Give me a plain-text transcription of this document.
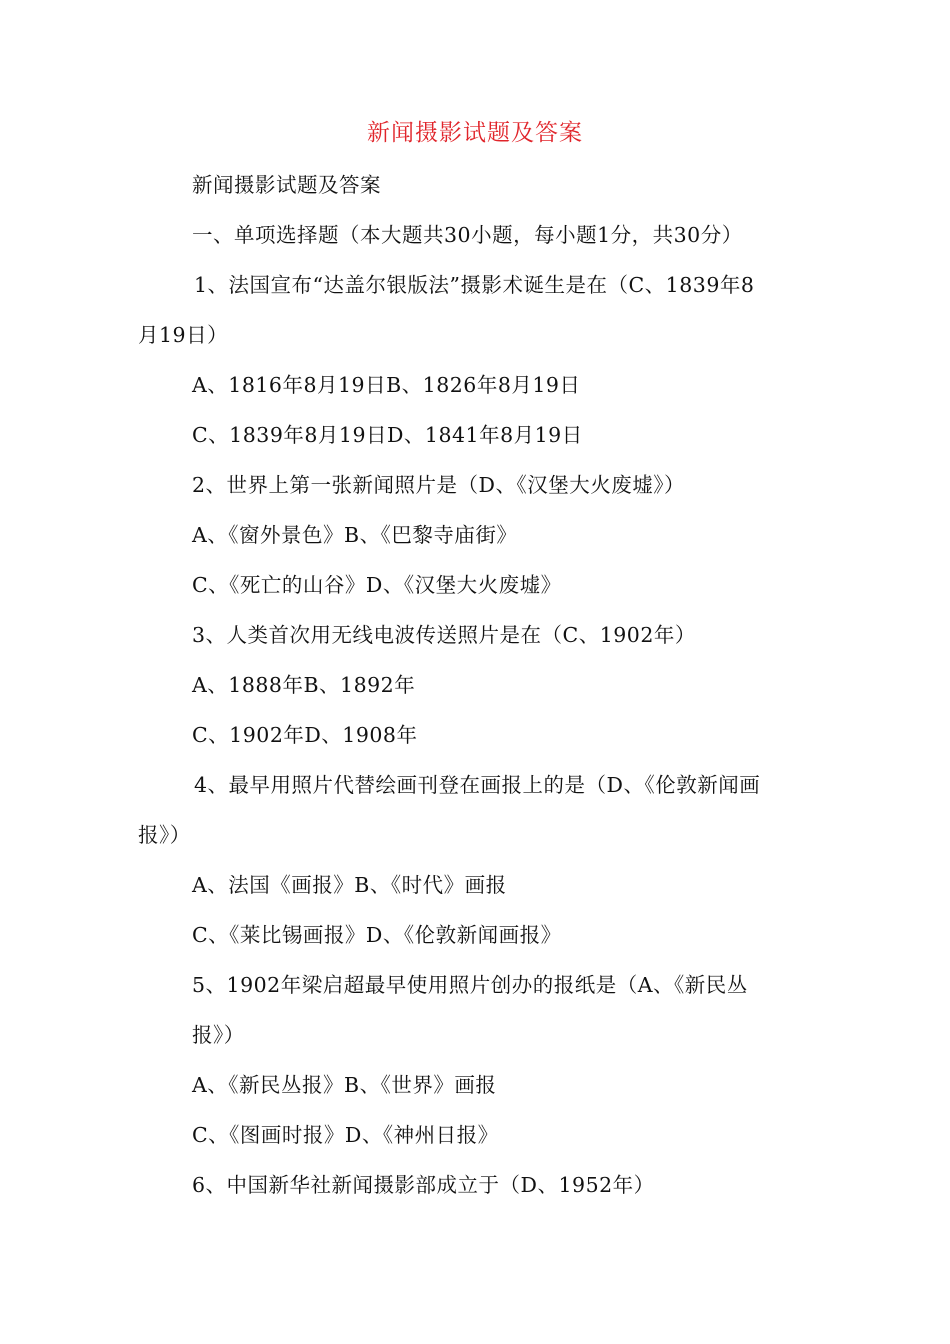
新闻摄影试题及答案

新闻摄影试题及答案

一、单项选择题（本大题共30小题，每小题1分，共30分）

1、法国宣布“达盖尔银版法”摄影术诞生是在（C、1839年8

月19日）

A、1816年8月19日B、1826年8月19日

C、1839年8月19日D、1841年8月19日

2、世界上第一张新闻照片是（D、《汉堡大火废墟》）

A、《窗外景色》B、《巴黎寺庙街》

C、《死亡的山谷》D、《汉堡大火废墟》

3、人类首次用无线电波传送照片是在（C、1902年）

A、1888年B、1892年

C、1902年D、1908年

4、最早用照片代替绘画刊登在画报上的是（D、《伦敦新闻画

报》）

A、法国《画报》B、《时代》画报

C、《莱比锡画报》D、《伦敦新闻画报》

5、1902年梁启超最早使用照片创办的报纸是（A、《新民丛

报》）

A、《新民丛报》B、《世界》画报

C、《图画时报》D、《神州日报》

6、中国新华社新闻摄影部成立于（D、1952年）
